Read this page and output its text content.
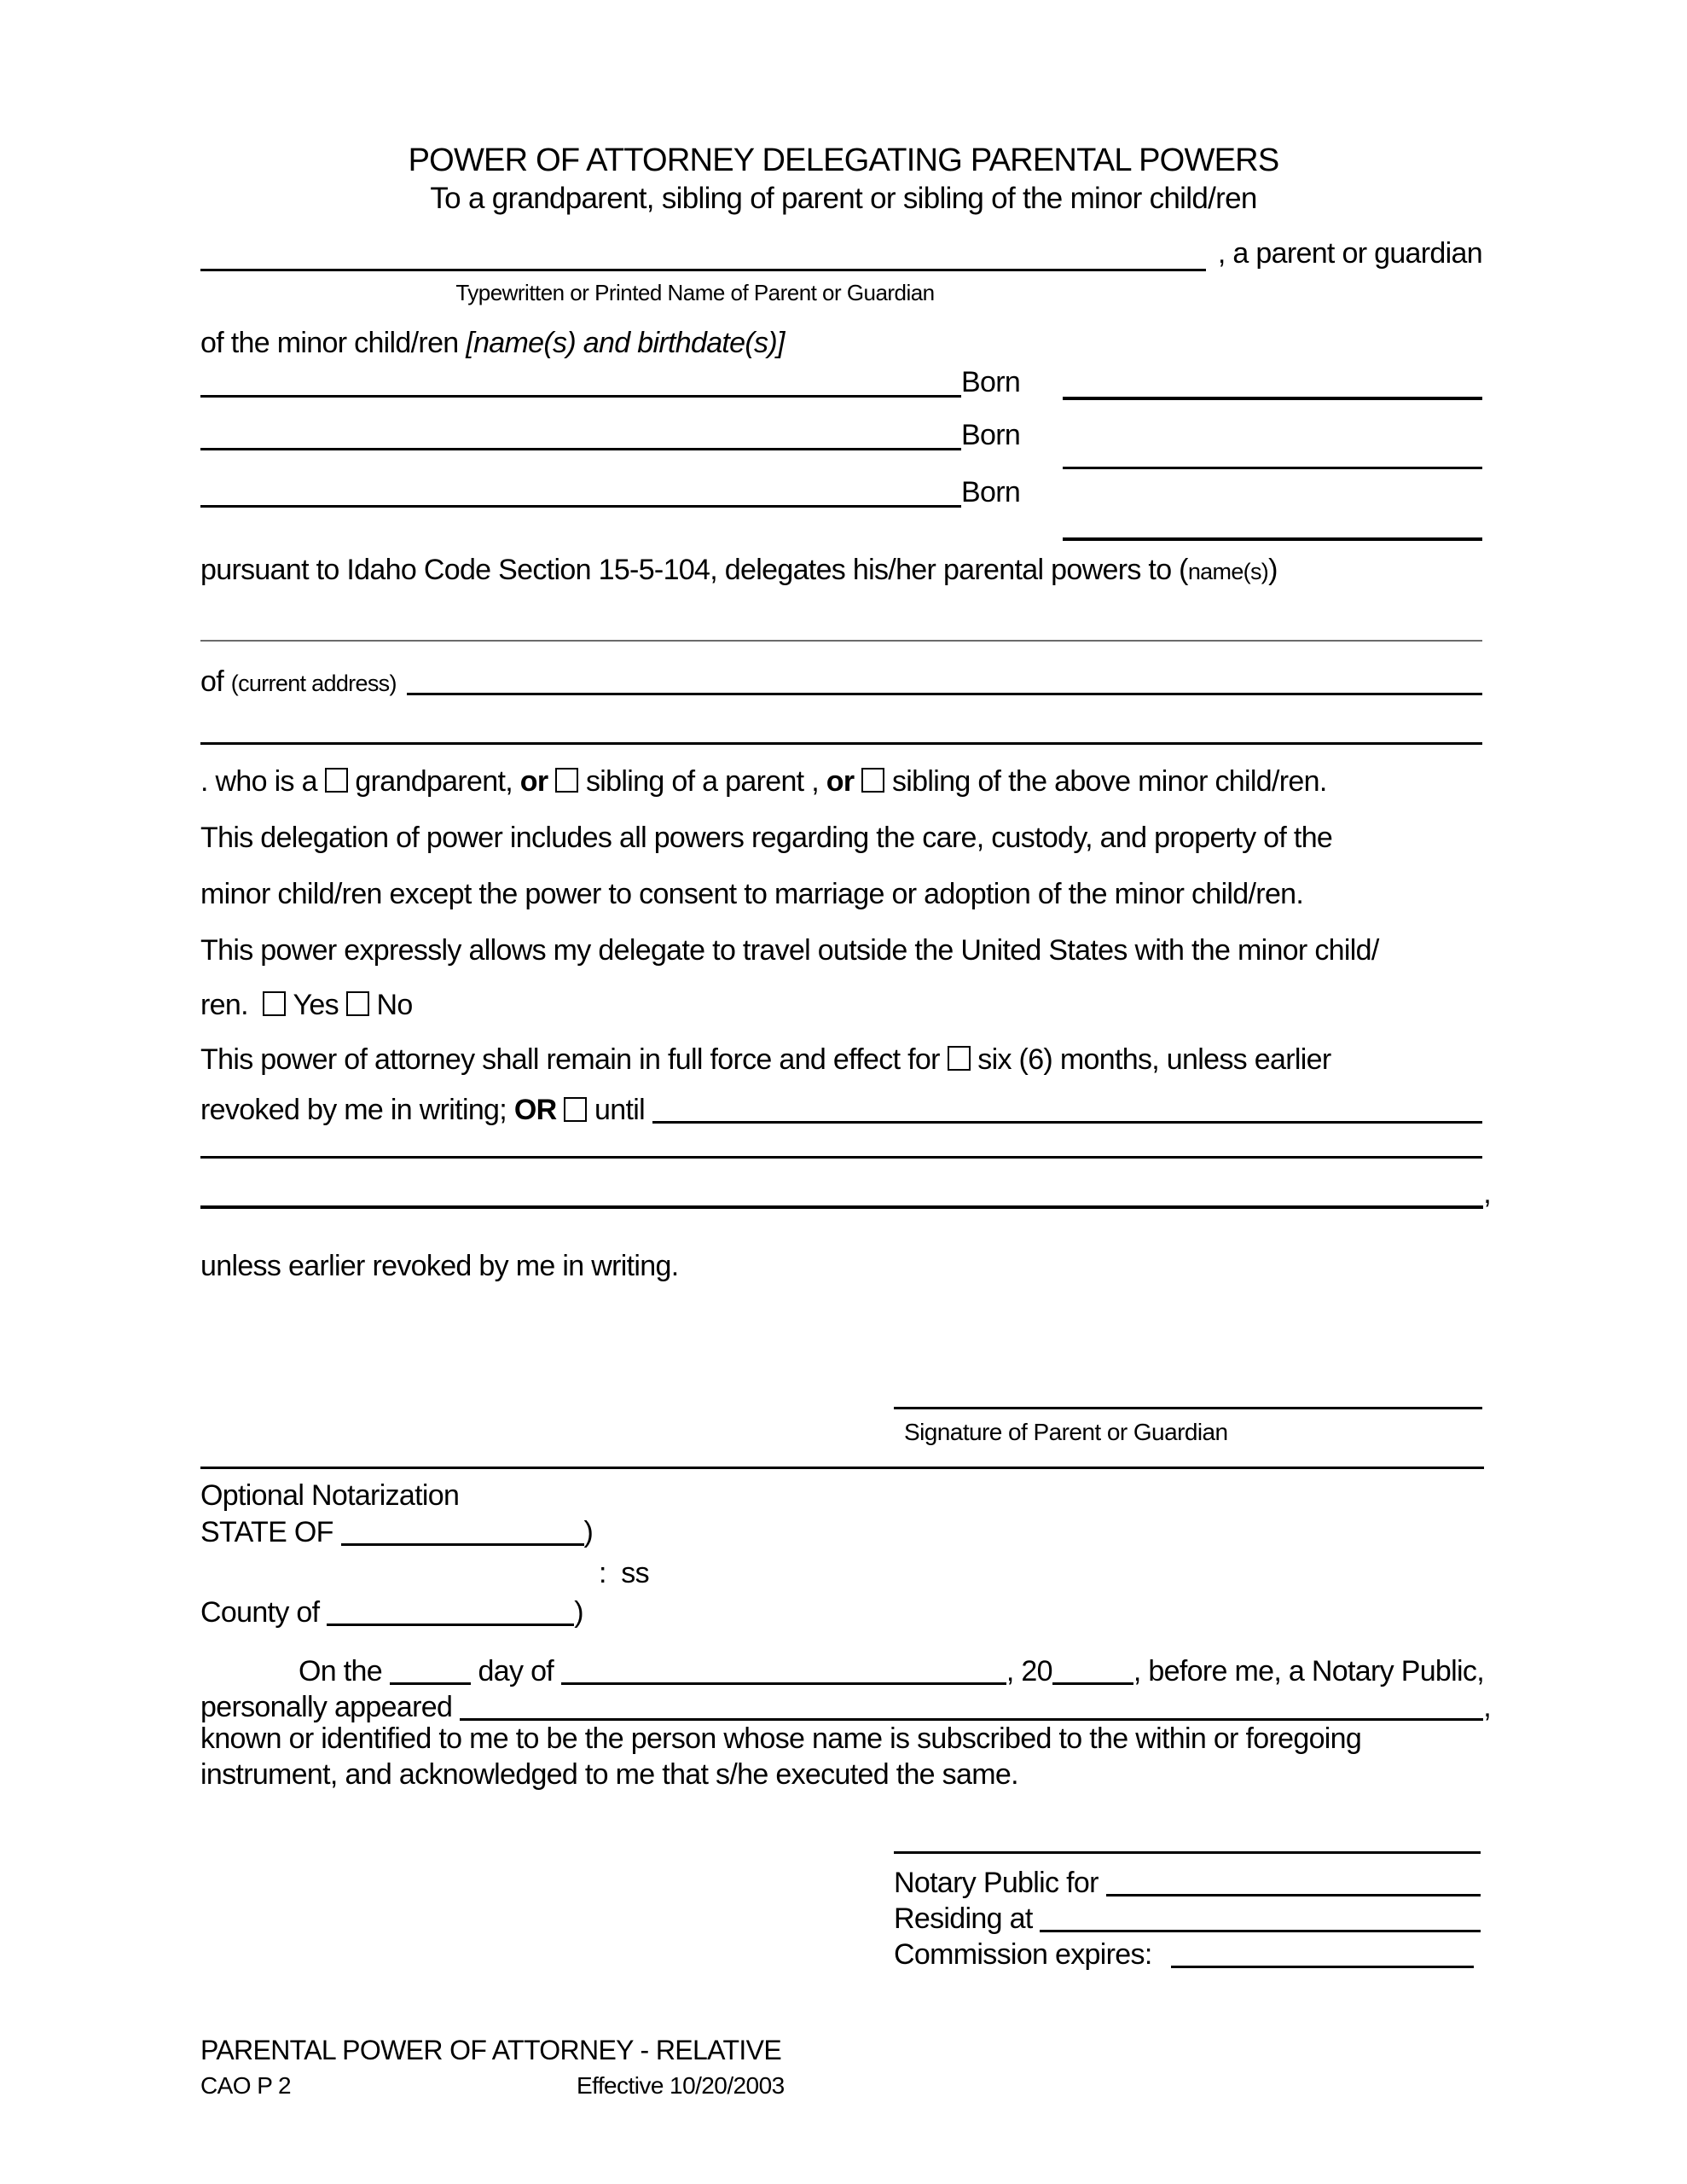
POWER OF ATTORNEY DELEGATING PARENTAL POWERS
To a grandparent, sibling of parent or sibling of the minor child/ren
, a parent or guardian
Typewritten or Printed Name of Parent or Guardian
of the minor child/ren [name(s) and birthdate(s)]
Born
Born
Born
pursuant to Idaho Code Section 15-5-104, delegates his/her parental powers to (name(s))
of (current address)
. who is a  grandparent, or  sibling of a parent , or  sibling of the above minor child/ren.
This delegation of power includes all powers regarding the care, custody, and property of the
minor child/ren except the power to consent to marriage or adoption of the minor child/ren.
This power expressly allows my delegate to travel outside the United States with the minor child/
ren.   Yes  No
This power of attorney shall remain in full force and effect for  six (6) months, unless earlier
revoked by me in writing; OR
until
,
unless earlier revoked by me in writing.
Signature of Parent or Guardian
Optional Notarization
STATE OF	)
:  ss
County of	)
On the	day of	, 20	, before me, a Notary Public,
personally appeared	,
known or identified to me to be the person whose name is subscribed to the within or foregoing
instrument, and acknowledged to me that s/he executed the same.
Notary Public for
Residing at
Commission expires:
PARENTAL POWER OF ATTORNEY - RELATIVE
CAO P 2	Effective 10/20/2003
